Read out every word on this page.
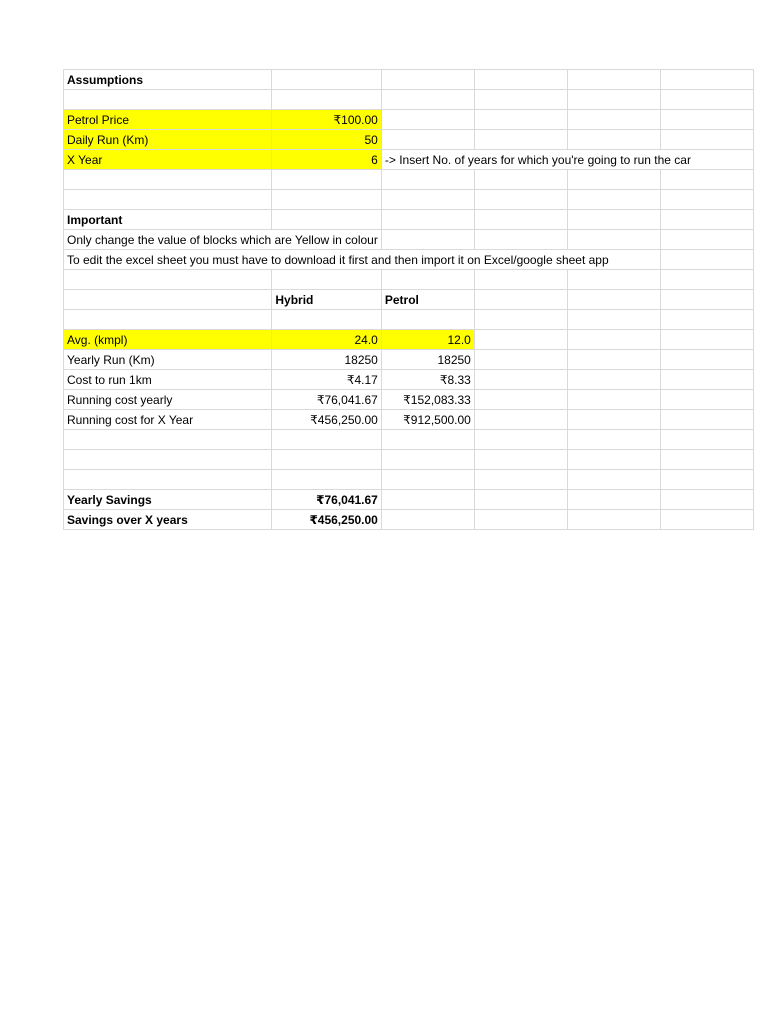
Assumptions					

Petrol Price	₹100.00				
Daily Run (Km)	50				
X Year	6	-> Insert No. of years for which you're going to run the car			

Important					
Only change the value of blocks which are Yellow in colour					
To edit the excel sheet you must have to download it first and then import it on Excel/google sheet app					

	Hybrid	Petrol			

Avg. (kmpl)	24.0	12.0			
Yearly Run (Km)	18250	18250			
Cost to run 1km	₹4.17	₹8.33			
Running cost yearly	₹76,041.67	₹152,083.33			
Running cost for X Year	₹456,250.00	₹912,500.00			

Yearly Savings	₹76,041.67				
Savings over X years	₹456,250.00				
